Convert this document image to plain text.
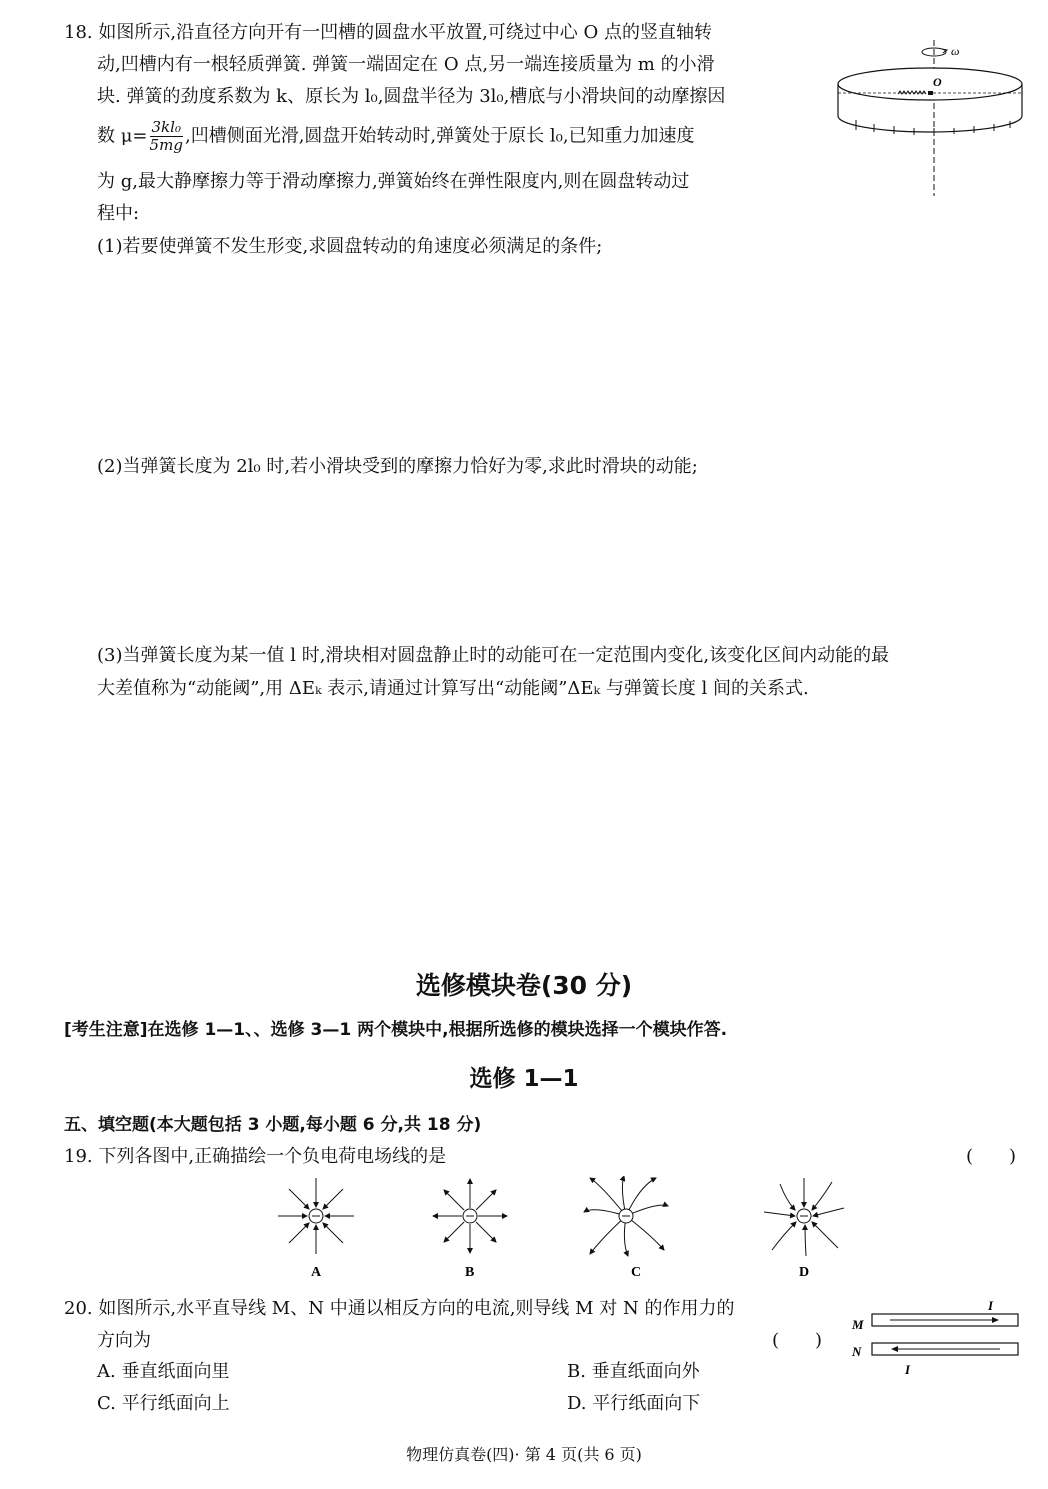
18. 如图所示,沿直径方向开有一凹槽的圆盘水平放置,可绕过中心 O 点的竖直轴转
动,凹槽内有一根轻质弹簧. 弹簧一端固定在 O 点,另一端连接质量为 m 的小滑
块. 弹簧的劲度系数为 k、原长为 l₀,圆盘半径为 3l₀,槽底与小滑块间的动摩擦因
数 $\mu= \frac{\text{3kl₀}}{5mg}$ ,凹槽侧面光滑,圆盘开始转动时,弹簧处于原长 l₀,已知重力加速度
为 g,最大静摩擦力等于滑动摩擦力,弹簧始终在弹性限度内,则在圆盘转动过
程中:
(1)若要使弹簧不发生形变,求圆盘转动的角速度必须满足的条件;
(2)当弹簧长度为 2l₀ 时,若小滑块受到的摩擦力恰好为零,求此时滑块的动能;
(3)当弹簧长度为某一值 l 时,滑块相对圆盘静止时的动能可在一定范围内变化,该变化区间内动能的最
大差值称为“动能阈”,用 ΔEₖ 表示,请通过计算写出“动能阈”ΔEₖ 与弹簧长度 l 间的关系式.
ω
O
选修模块卷(30 分)
[考生注意]在选修 1—1、、选修 3—1 两个模块中,根据所选修的模块选择一个模块作答.
选修 1—1
五、填空题(本大题包括 3 小题,每小题 6 分,共 18 分)
19. 下列各图中,正确描绘一个负电荷电场线的是	(　　)
A	B	C	D
20. 如图所示,水平直导线 M、N 中通以相反方向的电流,则导线 M 对 N 的作用力的
方向为	(　　)
A. 垂直纸面向里	B. 垂直纸面向外
C. 平行纸面向上	D. 平行纸面向下
I
M
N
I
物理仿真卷(四)· 第 4 页(共 6 页)
